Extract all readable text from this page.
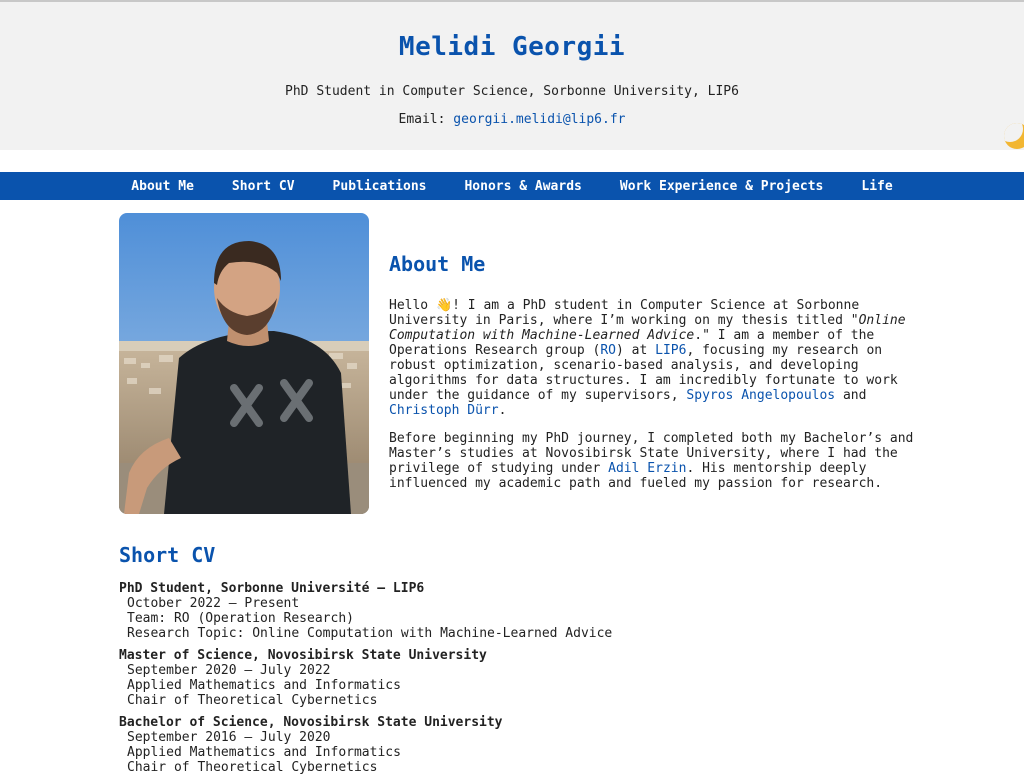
Melidi Georgii
PhD Student in Computer Science, Sorbonne University, LIP6
Email: georgii.melidi@lip6.fr
About Me	Short CV	Publications	Honors & Awards	Work Experience & Projects	Life
About Me

Hello 👋! I am a PhD student in Computer Science at Sorbonne University in Paris, where I’m working on my thesis titled "Online Computation with Machine-Learned Advice." I am a member of the Operations Research group (RO) at LIP6, focusing my research on robust optimization, scenario-based analysis, and developing algorithms for data structures. I am incredibly fortunate to work under the guidance of my supervisors, Spyros Angelopoulos and Christoph Dürr.

Before beginning my PhD journey, I completed both my Bachelor’s and Master’s studies at Novosibirsk State University, where I had the privilege of studying under Adil Erzin. His mentorship deeply influenced my academic path and fueled my passion for research.

Short CV
PhD Student, Sorbonne Université – LIP6
October 2022 – Present
Team: RO (Operation Research)
Research Topic: Online Computation with Machine-Learned Advice
Master of Science, Novosibirsk State University
September 2020 – July 2022
Applied Mathematics and Informatics
Chair of Theoretical Cybernetics
Bachelor of Science, Novosibirsk State University
September 2016 – July 2020
Applied Mathematics and Informatics
Chair of Theoretical Cybernetics
